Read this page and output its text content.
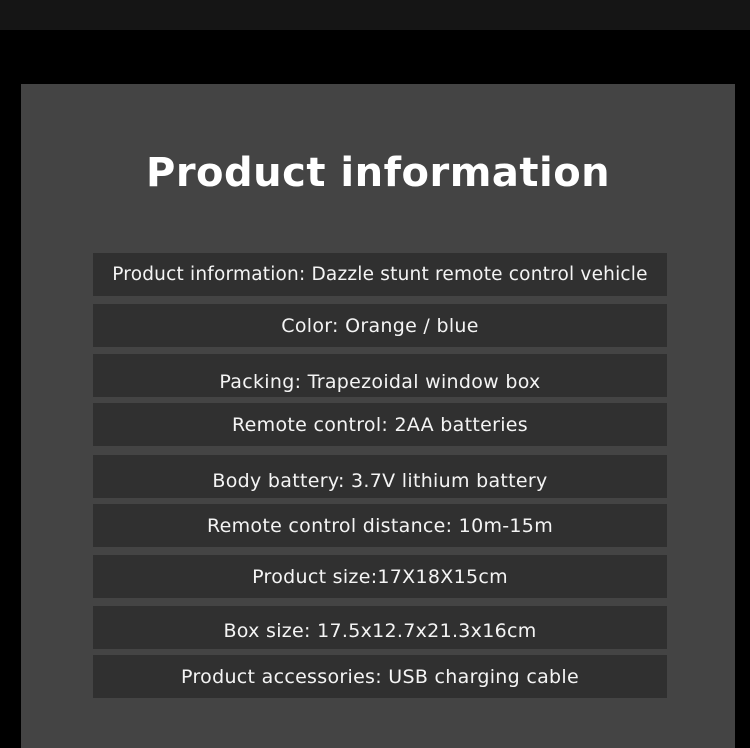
Product information
Product information: Dazzle stunt remote control vehicle
Color: Orange / blue
Packing: Trapezoidal window box
Remote control: 2AA batteries
Body battery: 3.7V lithium battery
Remote control distance: 10m-15m
Product size:17X18X15cm
Box size: 17.5x12.7x21.3x16cm
Product accessories: USB charging cable
